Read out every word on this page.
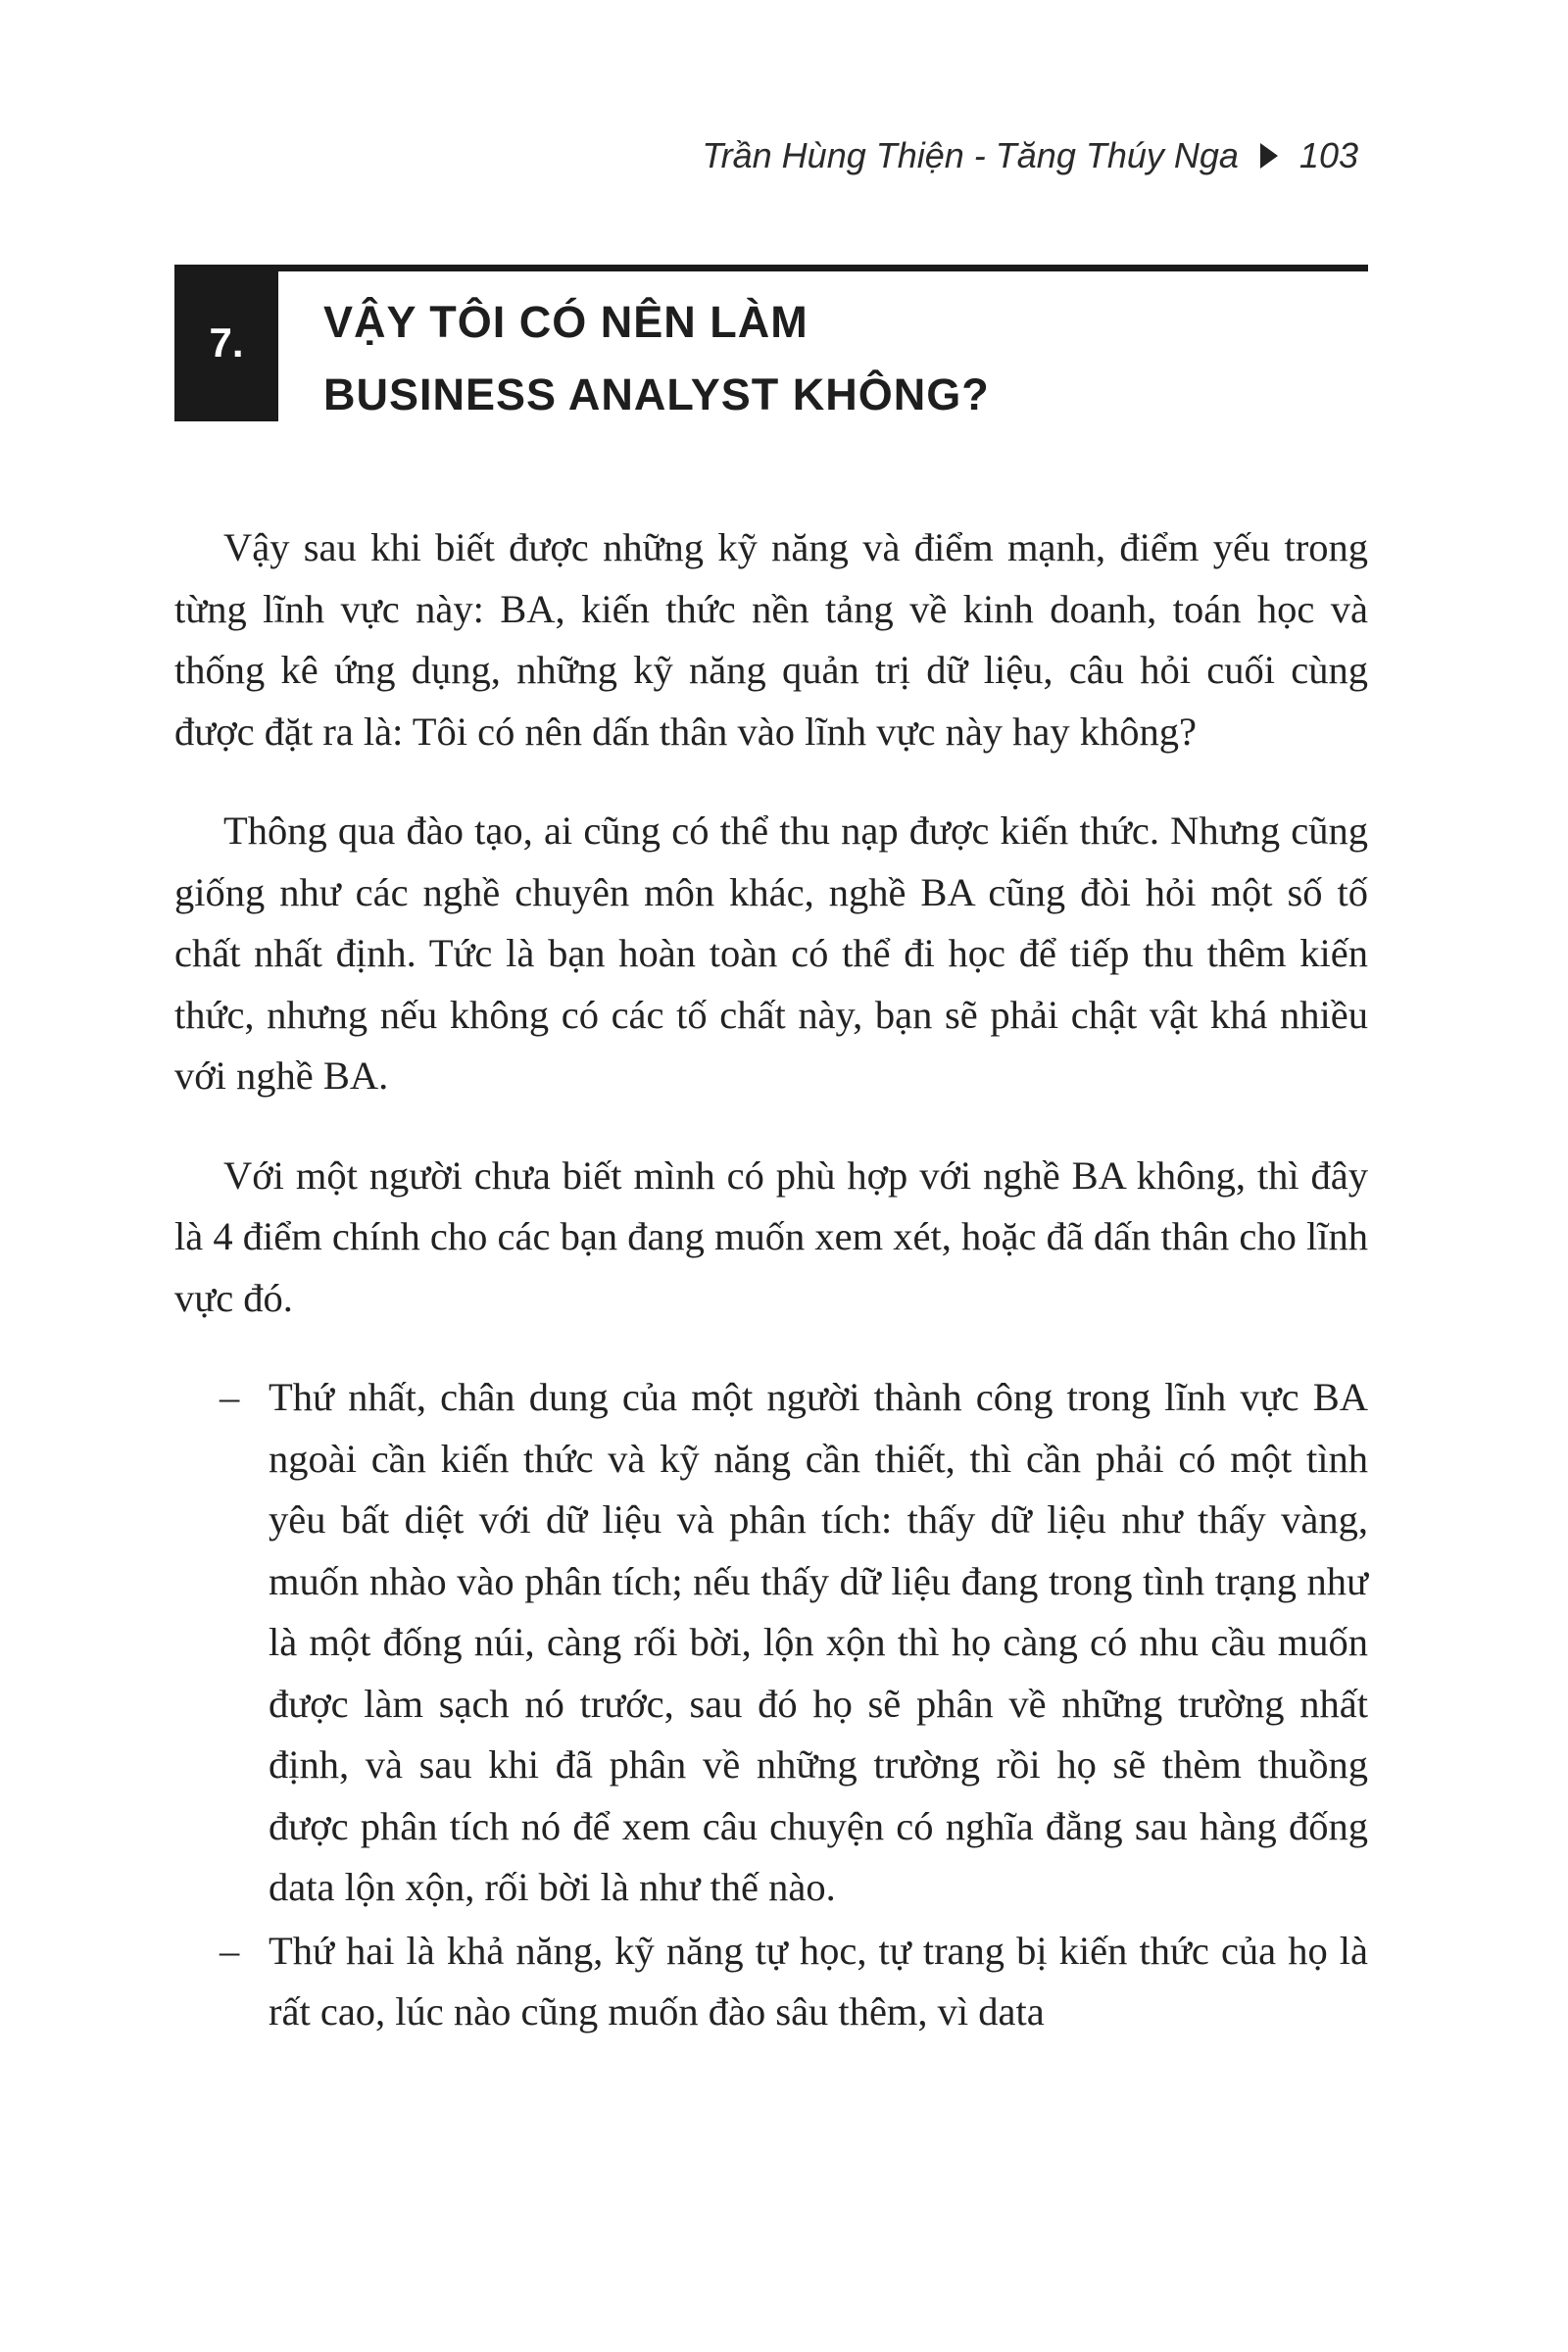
Trần Hùng Thiện - Tăng Thúy Nga 103
7. VẬY TÔI CÓ NÊN LÀM
BUSINESS ANALYST KHÔNG?

Vậy sau khi biết được những kỹ năng và điểm mạnh, điểm yếu trong từng lĩnh vực này: BA, kiến thức nền tảng về kinh doanh, toán học và thống kê ứng dụng, những kỹ năng quản trị dữ liệu, câu hỏi cuối cùng được đặt ra là: Tôi có nên dấn thân vào lĩnh vực này hay không?

Thông qua đào tạo, ai cũng có thể thu nạp được kiến thức. Nhưng cũng giống như các nghề chuyên môn khác, nghề BA cũng đòi hỏi một số tố chất nhất định. Tức là bạn hoàn toàn có thể đi học để tiếp thu thêm kiến thức, nhưng nếu không có các tố chất này, bạn sẽ phải chật vật khá nhiều với nghề BA.

Với một người chưa biết mình có phù hợp với nghề BA không, thì đây là 4 điểm chính cho các bạn đang muốn xem xét, hoặc đã dấn thân cho lĩnh vực đó.

– Thứ nhất, chân dung của một người thành công trong lĩnh vực BA ngoài cần kiến thức và kỹ năng cần thiết, thì cần phải có một tình yêu bất diệt với dữ liệu và phân tích: thấy dữ liệu như thấy vàng, muốn nhào vào phân tích; nếu thấy dữ liệu đang trong tình trạng như là một đống núi, càng rối bời, lộn xộn thì họ càng có nhu cầu muốn được làm sạch nó trước, sau đó họ sẽ phân về những trường nhất định, và sau khi đã phân về những trường rồi họ sẽ thèm thuồng được phân tích nó để xem câu chuyện có nghĩa đằng sau hàng đống data lộn xộn, rối bời là như thế nào.
– Thứ hai là khả năng, kỹ năng tự học, tự trang bị kiến thức của họ là rất cao, lúc nào cũng muốn đào sâu thêm, vì data
